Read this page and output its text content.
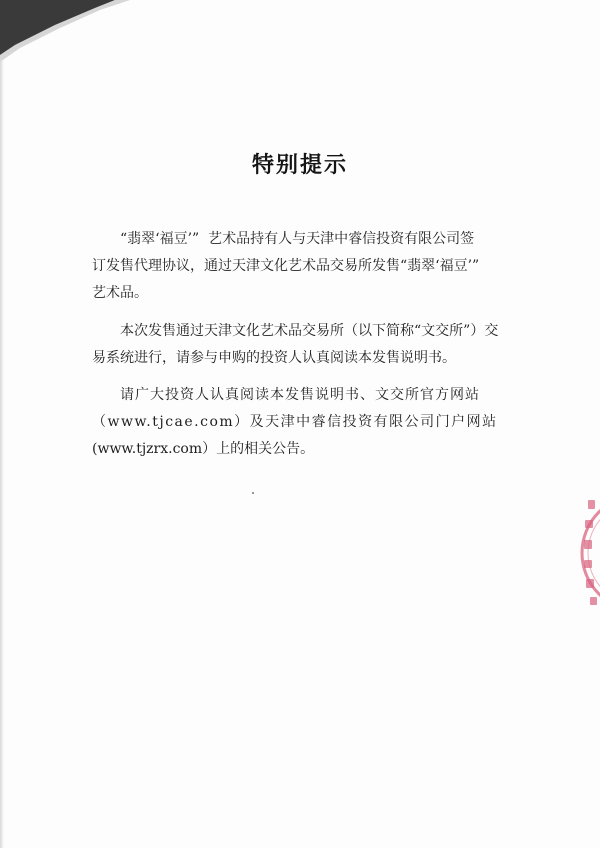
特别提示
“翡翠‘福豆’”  艺术品持有人与天津中睿信投资有限公司签
订发售代理协议，通过天津文化艺术品交易所发售“翡翠‘福豆’”
艺术品。
本次发售通过天津文化艺术品交易所（以下简称“文交所”）交
易系统进行，请参与申购的投资人认真阅读本发售说明书。
请广大投资人认真阅读本发售说明书、文交所官方网站
（www.tjcae.com）及天津中睿信投资有限公司门户网站
(www.tjzrx.com）上的相关公告。
